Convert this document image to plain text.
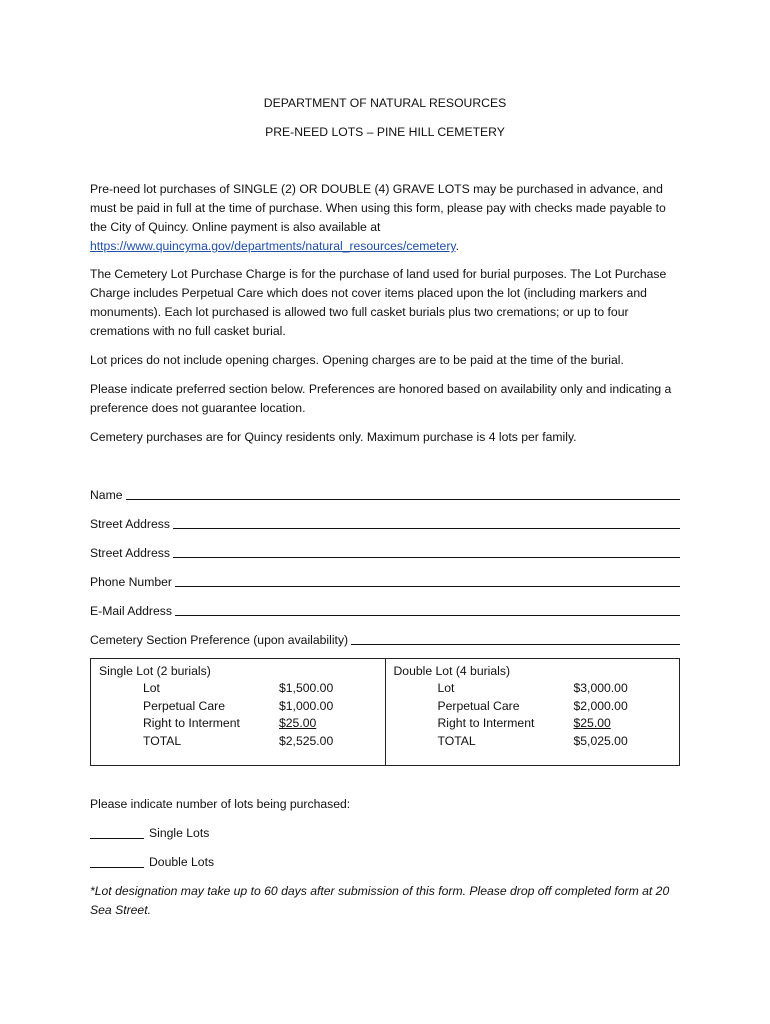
DEPARTMENT OF NATURAL RESOURCES
PRE-NEED LOTS – PINE HILL CEMETERY

Pre-need lot purchases of SINGLE (2) OR DOUBLE (4) GRAVE LOTS may be purchased in advance, and must be paid in full at the time of purchase. When using this form, please pay with checks made payable to the City of Quincy. Online payment is also available at https://www.quincyma.gov/departments/natural_resources/cemetery.

The Cemetery Lot Purchase Charge is for the purchase of land used for burial purposes. The Lot Purchase Charge includes Perpetual Care which does not cover items placed upon the lot (including markers and monuments). Each lot purchased is allowed two full casket burials plus two cremations; or up to four cremations with no full casket burial.

Lot prices do not include opening charges. Opening charges are to be paid at the time of the burial.

Please indicate preferred section below. Preferences are honored based on availability only and indicating a preference does not guarantee location.

Cemetery purchases are for Quincy residents only. Maximum purchase is 4 lots per family.

Name
Street Address
Street Address
Phone Number
E-Mail Address
Cemetery Section Preference (upon availability)
Single Lot (2 burials)
Lot	$1,500.00
Perpetual Care	$1,000.00
Right to Interment	$25.00
TOTAL	$2,525.00
Double Lot (4 burials)
Lot	$3,000.00
Perpetual Care	$2,000.00
Right to Interment	$25.00
TOTAL	$5,025.00

Please indicate number of lots being purchased:

Single Lots
Double Lots

*Lot designation may take up to 60 days after submission of this form. Please drop off completed form at 20 Sea Street.
